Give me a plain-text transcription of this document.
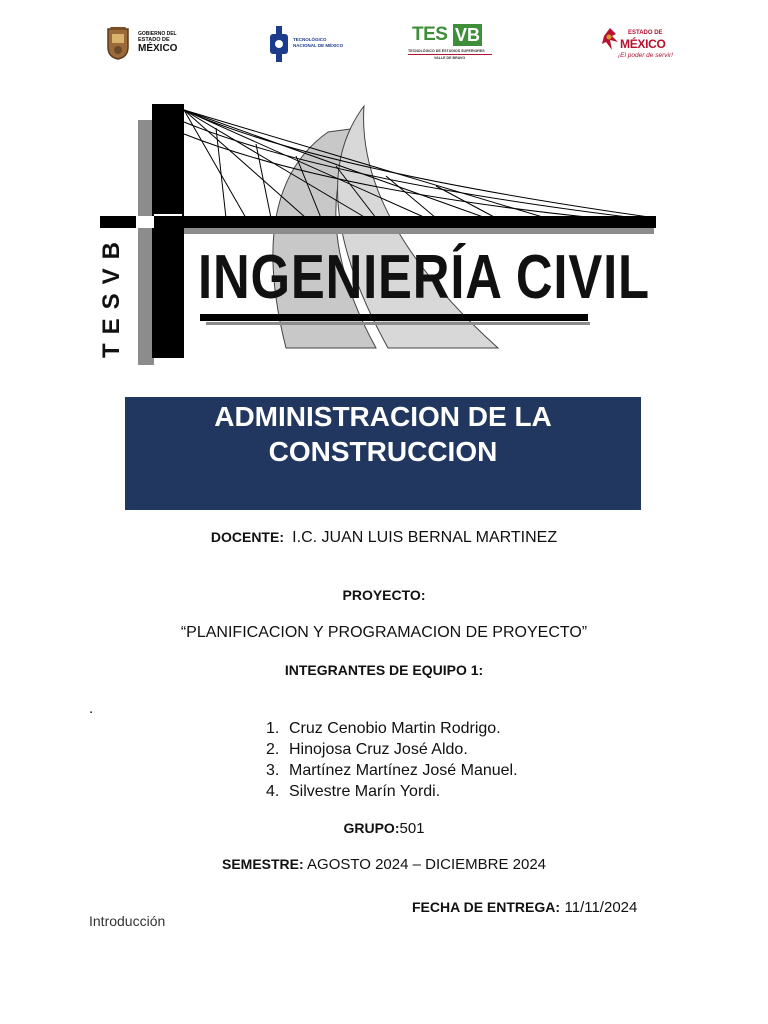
GOBIERNO DEL
ESTADO DE
MÉXICO
TECNOLÓGICO
NACIONAL DE MÉXICO
TES VB
TECNOLÓGICO DE ESTUDIOS SUPERIORES
VALLE DE BRAVO
ESTADO DE
MÉXICO
¡El poder de servir!
INGENIERÍA CIVIL
TESVB
ADMINISTRACION DE LA CONSTRUCCION
DOCENTE: I.C. JUAN LUIS BERNAL MARTINEZ
PROYECTO:
“PLANIFICACION Y PROGRAMACION DE PROYECTO”
INTEGRANTES DE EQUIPO 1:
.
1. Cruz Cenobio Martin Rodrigo.
2. Hinojosa Cruz José Aldo.
3. Martínez Martínez José Manuel.
4. Silvestre Marín Yordi.
GRUPO:501
SEMESTRE: AGOSTO 2024 – DICIEMBRE 2024
FECHA DE ENTREGA: 11/11/2024
Introducción
